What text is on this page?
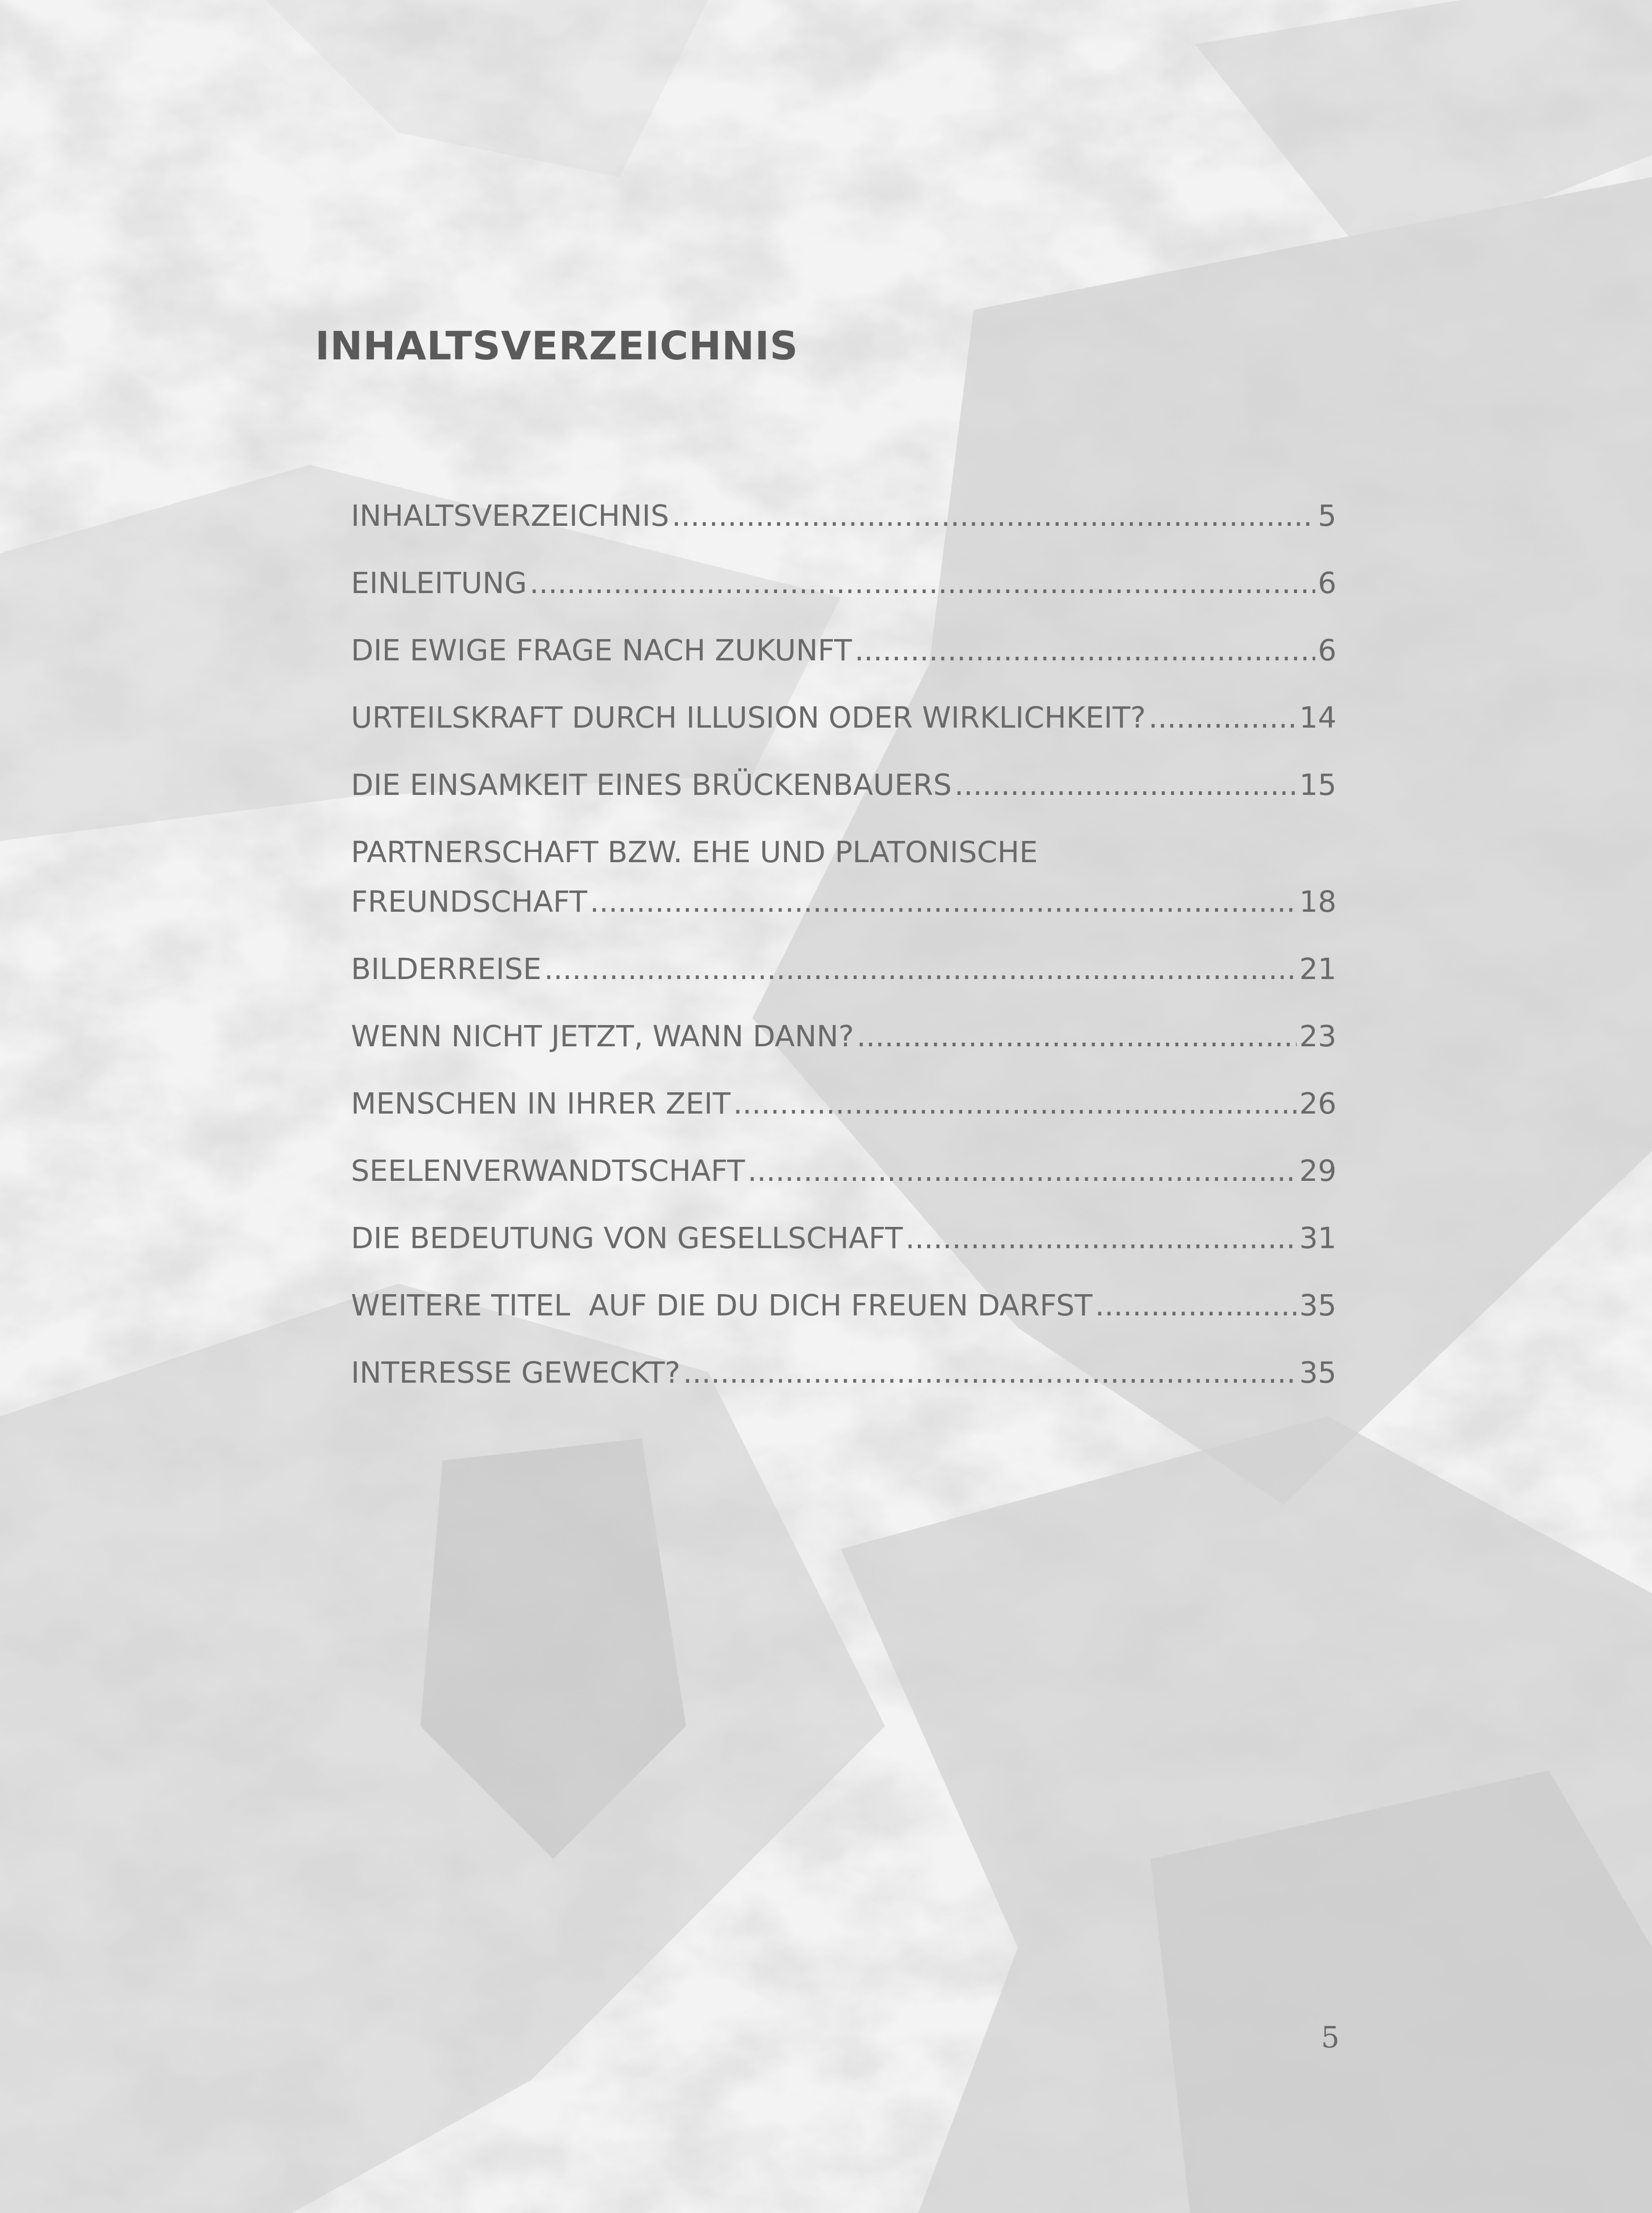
INHALTSVERZEICHNIS
INHALTSVERZEICHNIS .....	5
EINLEITUNG .....	6
DIE EWIGE FRAGE NACH ZUKUNFT .....	6
URTEILSKRAFT DURCH ILLUSION ODER WIRKLICHKEIT? .....	14
DIE EINSAMKEIT EINES BRÜCKENBAUERS .....	15
PARTNERSCHAFT BZW. EHE UND PLATONISCHE
FREUNDSCHAFT .....	18
BILDERREISE .....	21
WENN NICHT JETZT, WANN DANN? .....	23
MENSCHEN IN IHRER ZEIT .....	26
SEELENVERWANDTSCHAFT .....	29
DIE BEDEUTUNG VON GESELLSCHAFT .....	31
WEITERE TITEL  AUF DIE DU DICH FREUEN DARFST .....	35
INTERESSE GEWECKT? .....	35
5
